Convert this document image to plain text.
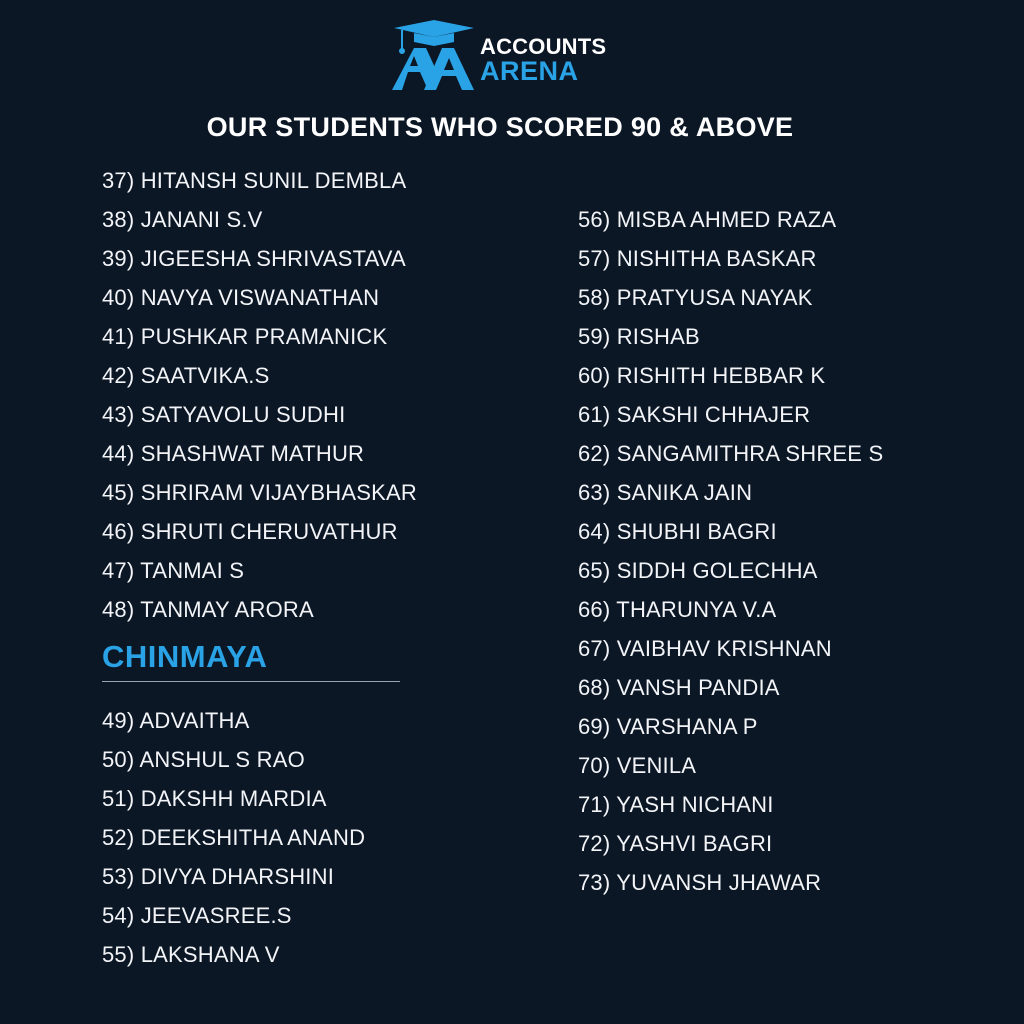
ACCOUNTS
ARENA
OUR STUDENTS WHO SCORED 90 & ABOVE
37) HITANSH SUNIL DEMBLA
38) JANANI S.V
39) JIGEESHA SHRIVASTAVA
40) NAVYA VISWANATHAN
41) PUSHKAR PRAMANICK
42) SAATVIKA.S
43) SATYAVOLU SUDHI
44) SHASHWAT MATHUR
45) SHRIRAM VIJAYBHASKAR
46) SHRUTI CHERUVATHUR
47) TANMAI S
48) TANMAY ARORA
CHINMAYA
49) ADVAITHA
50) ANSHUL S RAO
51) DAKSHH MARDIA
52) DEEKSHITHA ANAND
53) DIVYA DHARSHINI
54) JEEVASREE.S
55) LAKSHANA V
56) MISBA AHMED RAZA
57) NISHITHA BASKAR
58) PRATYUSA NAYAK
59) RISHAB
60) RISHITH HEBBAR K
61) SAKSHI CHHAJER
62) SANGAMITHRA SHREE S
63) SANIKA JAIN
64) SHUBHI BAGRI
65) SIDDH GOLECHHA
66) THARUNYA V.A
67) VAIBHAV KRISHNAN
68) VANSH PANDIA
69) VARSHANA P
70) VENILA
71) YASH NICHANI
72) YASHVI BAGRI
73) YUVANSH JHAWAR
